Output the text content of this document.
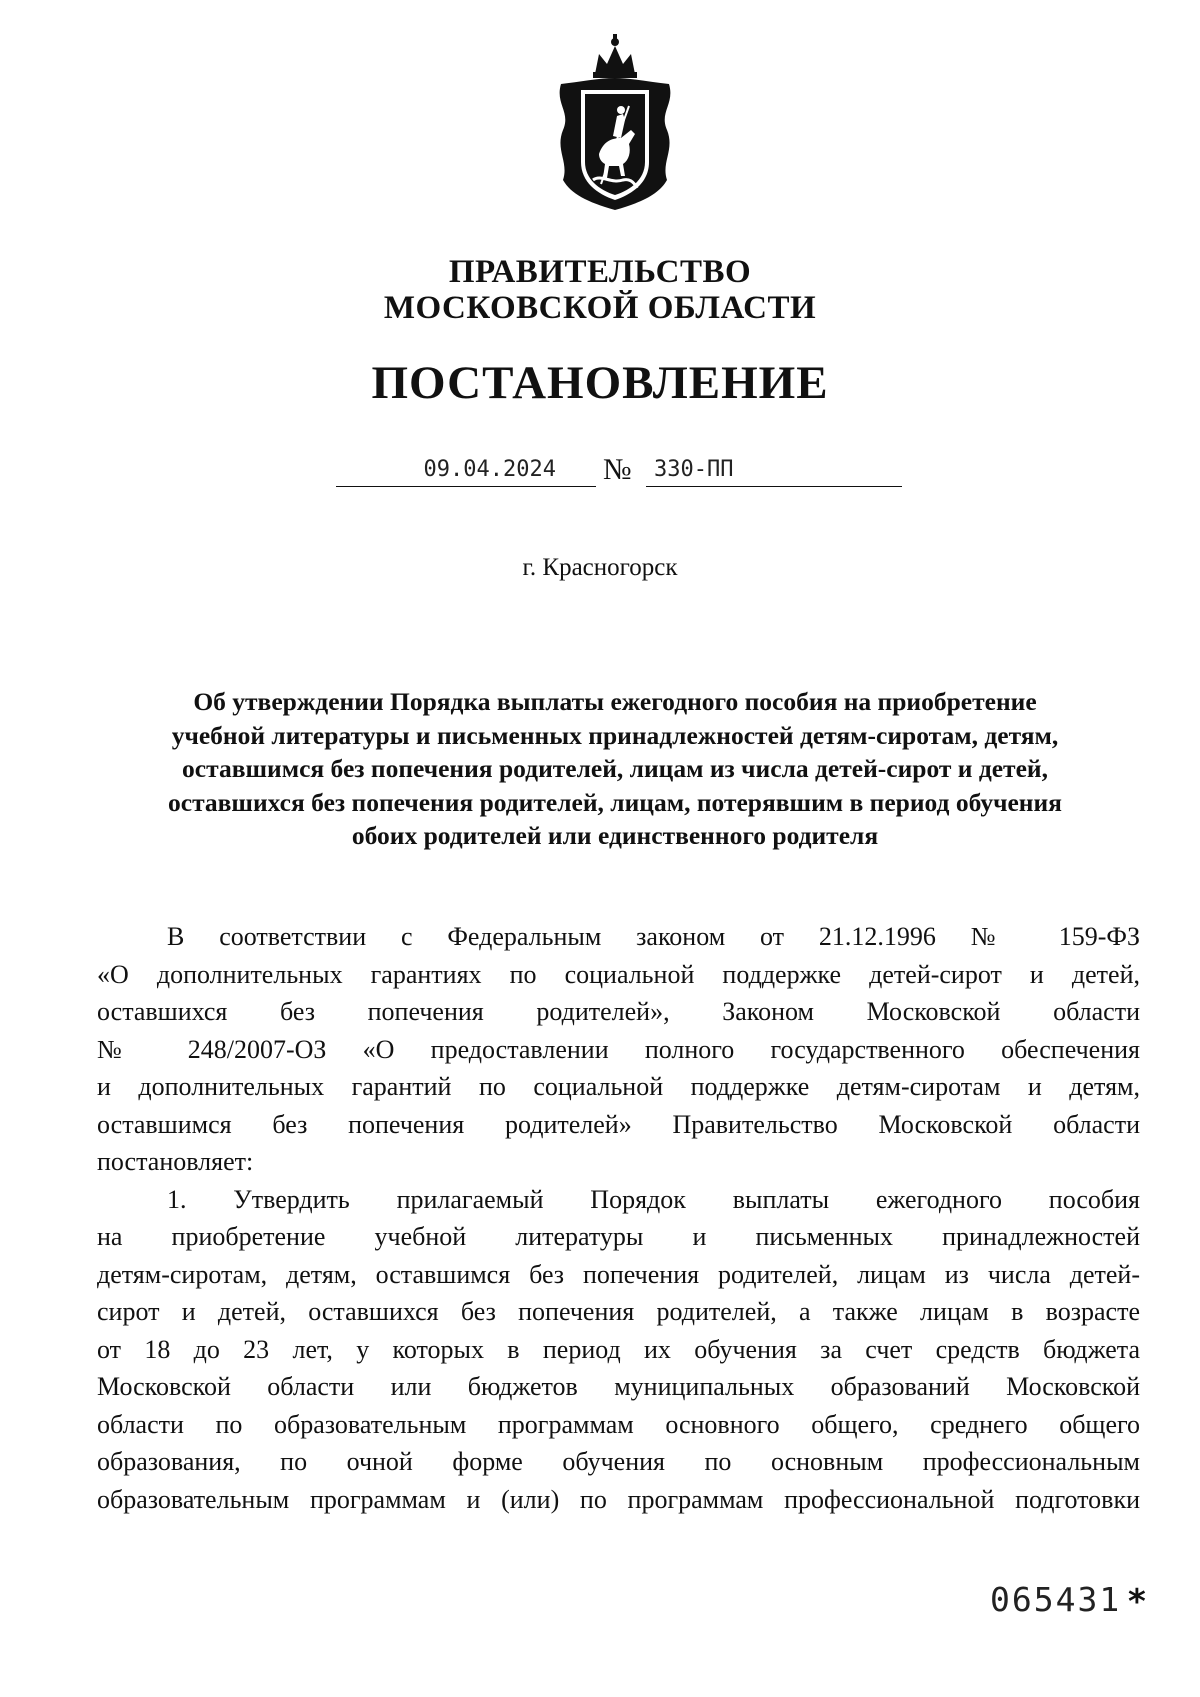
ПРАВИТЕЛЬСТВО
МОСКОВСКОЙ ОБЛАСТИ
ПОСТАНОВЛЕНИЕ
09.04.2024	№ 330-ПП
г. Красногорск
Об утверждении Порядка выплаты ежегодного пособия на приобретение
учебной литературы и письменных принадлежностей детям-сиротам, детям,
оставшимся без попечения родителей, лицам из числа детей-сирот и детей,
оставшихся без попечения родителей, лицам, потерявшим в период обучения
обоих родителей или единственного родителя
В соответствии с Федеральным законом от 21.12.1996 № 159-ФЗ
«О дополнительных гарантиях по социальной поддержке детей-сирот и детей,
оставшихся без попечения родителей», Законом Московской области
№ 248/2007-ОЗ «О предоставлении полного государственного обеспечения
и дополнительных гарантий по социальной поддержке детям-сиротам и детям,
оставшимся без попечения родителей» Правительство Московской области
постановляет:
1. Утвердить прилагаемый Порядок выплаты ежегодного пособия
на приобретение учебной литературы и письменных принадлежностей
детям-сиротам, детям, оставшимся без попечения родителей, лицам из числа детей-
сирот и детей, оставшихся без попечения родителей, а также лицам в возрасте
от 18 до 23 лет, у которых в период их обучения за счет средств бюджета
Московской области или бюджетов муниципальных образований Московской
области по образовательным программам основного общего, среднего общего
образования, по очной форме обучения по основным профессиональным
образовательным программам и (или) по программам профессиональной подготовки
065431 *
